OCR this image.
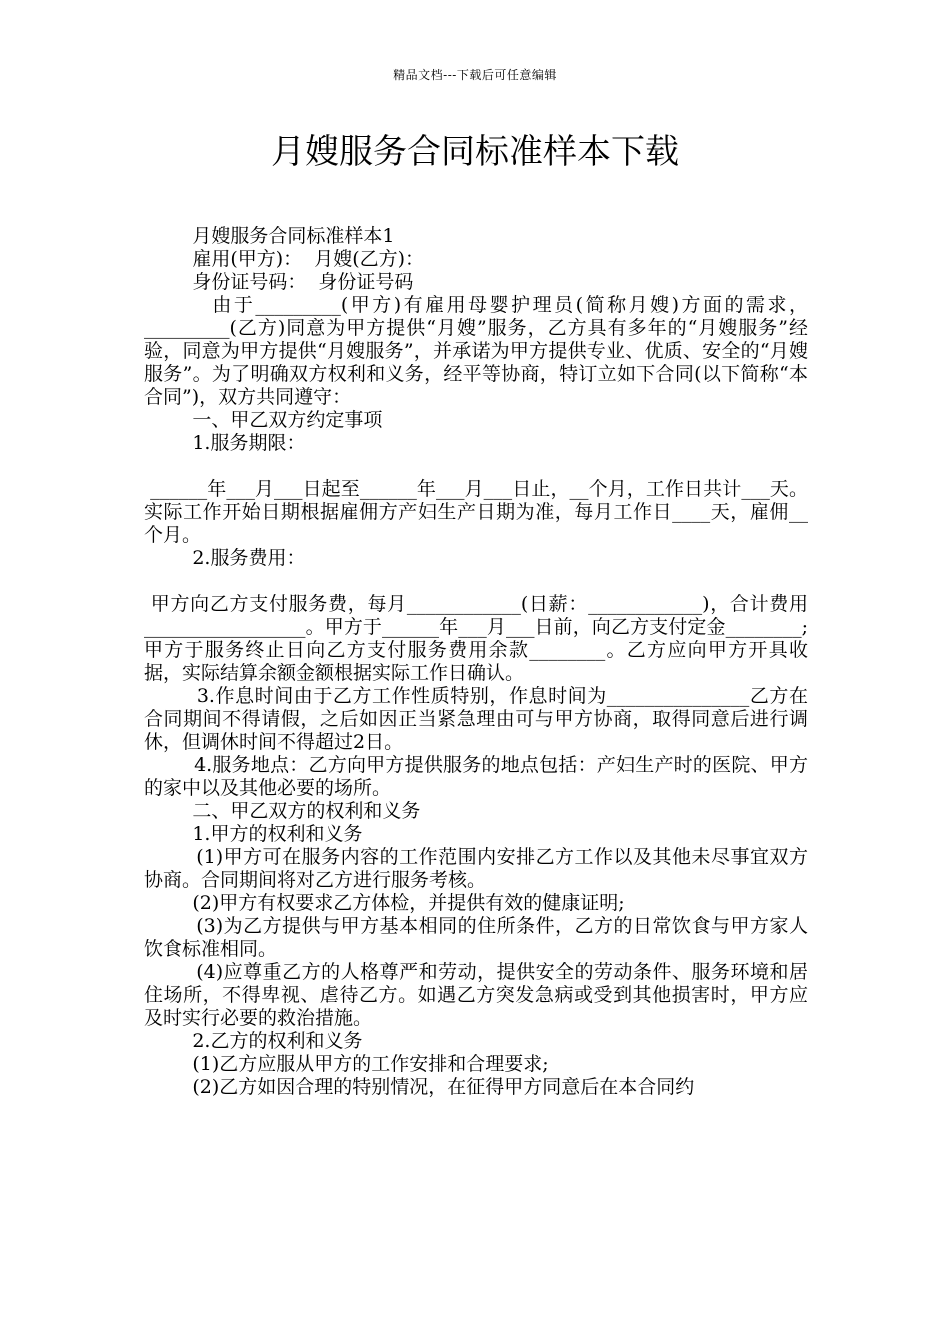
精品文档---下载后可任意编辑
月嫂服务合同标准样本下载

月嫂服务合同标准样本1

雇用(甲方)：  月嫂(乙方)：

身份证号码：  身份证号码

由于_________(甲方)有雇用母婴护理员(简称月嫂)方面的需求，_________(乙方)同意为甲方提供“月嫂”服务，乙方具有多年的“月嫂服务”经验，同意为甲方提供“月嫂服务”，并承诺为甲方提供专业、优质、安全的“月嫂服务”。为了明确双方权利和义务，经平等协商，特订立如下合同(以下简称“本合同”)，双方共同遵守：

一、甲乙双方约定事项

1.服务期限：

______年___月___日起至______年___月___日止，__个月，工作日共计___天。实际工作开始日期根据雇佣方产妇生产日期为准，每月工作日____天，雇佣__个月。

2.服务费用：

甲方向乙方支付服务费，每月____________(日薪：____________)，合计费用_________________。甲方于______年___月___日前，向乙方支付定金________;甲方于服务终止日向乙方支付服务费用余款________。乙方应向甲方开具收据，实际结算余额金额根据实际工作日确认。

3.作息时间由于乙方工作性质特别，作息时间为_______________乙方在合同期间不得请假，之后如因正当紧急理由可与甲方协商，取得同意后进行调休，但调休时间不得超过2日。

4.服务地点：乙方向甲方提供服务的地点包括：产妇生产时的医院、甲方的家中以及其他必要的场所。

二、甲乙双方的权利和义务

1.甲方的权利和义务

(1)甲方可在服务内容的工作范围内安排乙方工作以及其他未尽事宜双方协商。合同期间将对乙方进行服务考核。

(2)甲方有权要求乙方体检，并提供有效的健康证明;

(3)为乙方提供与甲方基本相同的住所条件，乙方的日常饮食与甲方家人饮食标准相同。

(4)应尊重乙方的人格尊严和劳动，提供安全的劳动条件、服务环境和居住场所，不得卑视、虐待乙方。如遇乙方突发急病或受到其他损害时，甲方应及时实行必要的救治措施。

2.乙方的权利和义务

(1)乙方应服从甲方的工作安排和合理要求;

(2)乙方如因合理的特别情况，在征得甲方同意后在本合同约
